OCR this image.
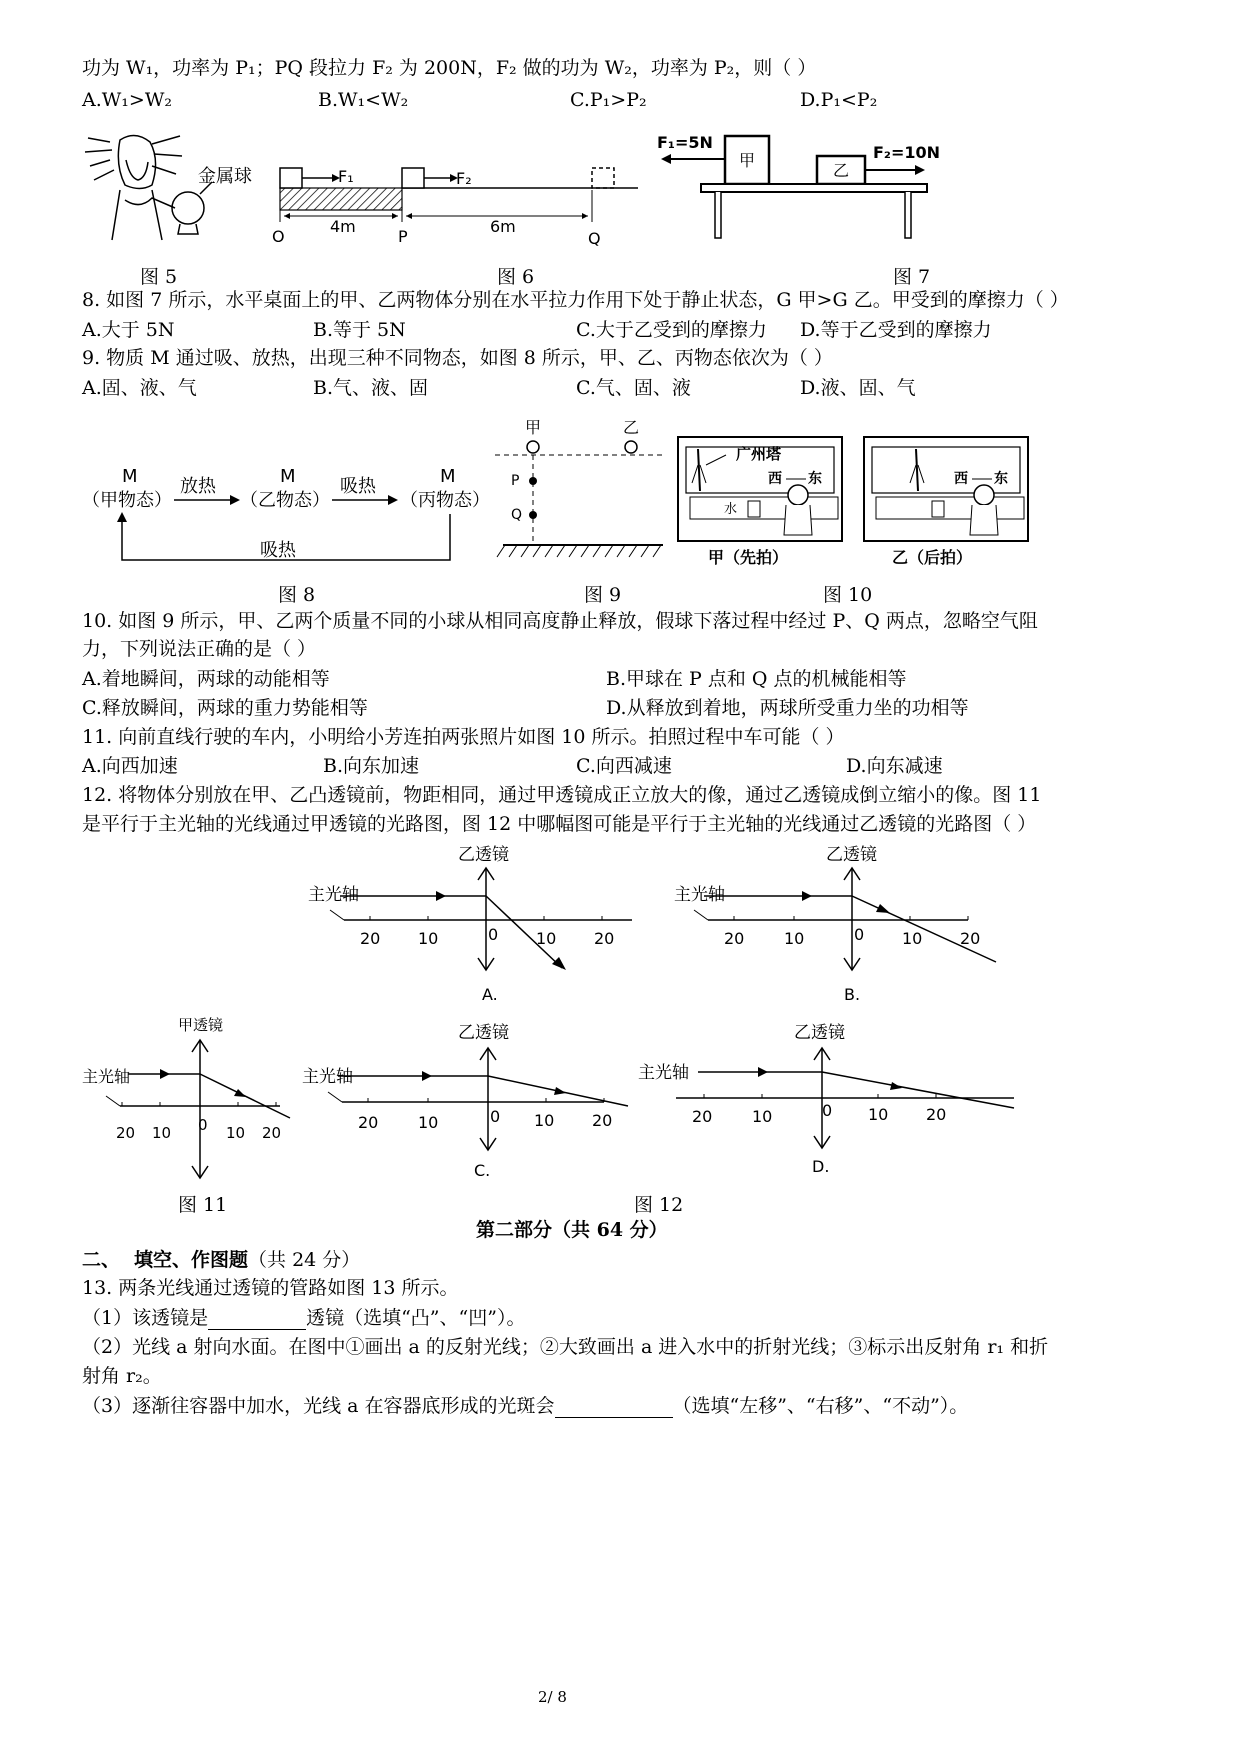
功为 W₁，功率为 P₁；PQ 段拉力 F₂ 为 200N，F₂ 做的功为 W₂，功率为 P₂，则（ ）
A.W₁>W₂	B.W₁<W₂	C.P₁>P₂	D.P₁<P₂
金属球
图 5
F₁	F₂
4m	6m
O	P	Q
图 6
F₁=5N
甲
乙
F₂=10N
图 7
8. 如图 7 所示，水平桌面上的甲、乙两物体分别在水平拉力作用下处于静止状态，G 甲>G 乙。甲受到的摩擦力（ ）
A.大于 5N	B.等于 5N	C.大于乙受到的摩擦力 D.等于乙受到的摩擦力
9. 物质 M 通过吸、放热，出现三种不同物态，如图 8 所示，甲、乙、丙物态依次为（ ）
A.固、液、气	B.气、液、固	C.气、固、液	D.液、固、气
M	M	M
（甲物态）	（乙物态）	（丙物态）
放热	吸热
吸热
图 8
甲	乙
P
Q
图 9
广州塔
西 东
水
甲（先拍）
西 东
乙（后拍）
图 10
10. 如图 9 所示，甲、乙两个质量不同的小球从相同高度静止释放，假球下落过程中经过 P、Q 两点，忽略空气阻
力，下列说法正确的是（ ）
A.着地瞬间，两球的动能相等	B.甲球在 P 点和 Q 点的机械能相等
C.释放瞬间，两球的重力势能相等	D.从释放到着地，两球所受重力坐的功相等
11. 向前直线行驶的车内，小明给小芳连拍两张照片如图 10 所示。拍照过程中车可能（ ）
A.向西加速	B.向东加速	C.向西减速	D.向东减速
12. 将物体分别放在甲、乙凸透镜前，物距相同，通过甲透镜成正立放大的像，通过乙透镜成倒立缩小的像。图 11
是平行于主光轴的光线通过甲透镜的光路图，图 12 中哪幅图可能是平行于主光轴的光线通过乙透镜的光路图（ ）
乙透镜
主光轴
20 10	0 10 20
A.
乙透镜
主光轴
20 10	0 10 20
B.
甲透镜
主光轴
20 10 0 10 20
乙透镜
主光轴
20 10	0 10 20
C.
乙透镜
主光轴
20 10	0 10 20
D.
图 11	图 12
第二部分（共 64 分）
二、 填空、作图题（共 24 分）
13. 两条光线通过透镜的管路如图 13 所示。
（1）该透镜是	透镜（选填“凸”、“凹”）。
（2）光线 a 射向水面。在图中①画出 a 的反射光线；②大致画出 a 进入水中的折射光线；③标示出反射角 r₁ 和折
射角 r₂。
（3）逐渐往容器中加水，光线 a 在容器底形成的光斑会	（选填“左移”、“右移”、“不动”）。
2/ 8
